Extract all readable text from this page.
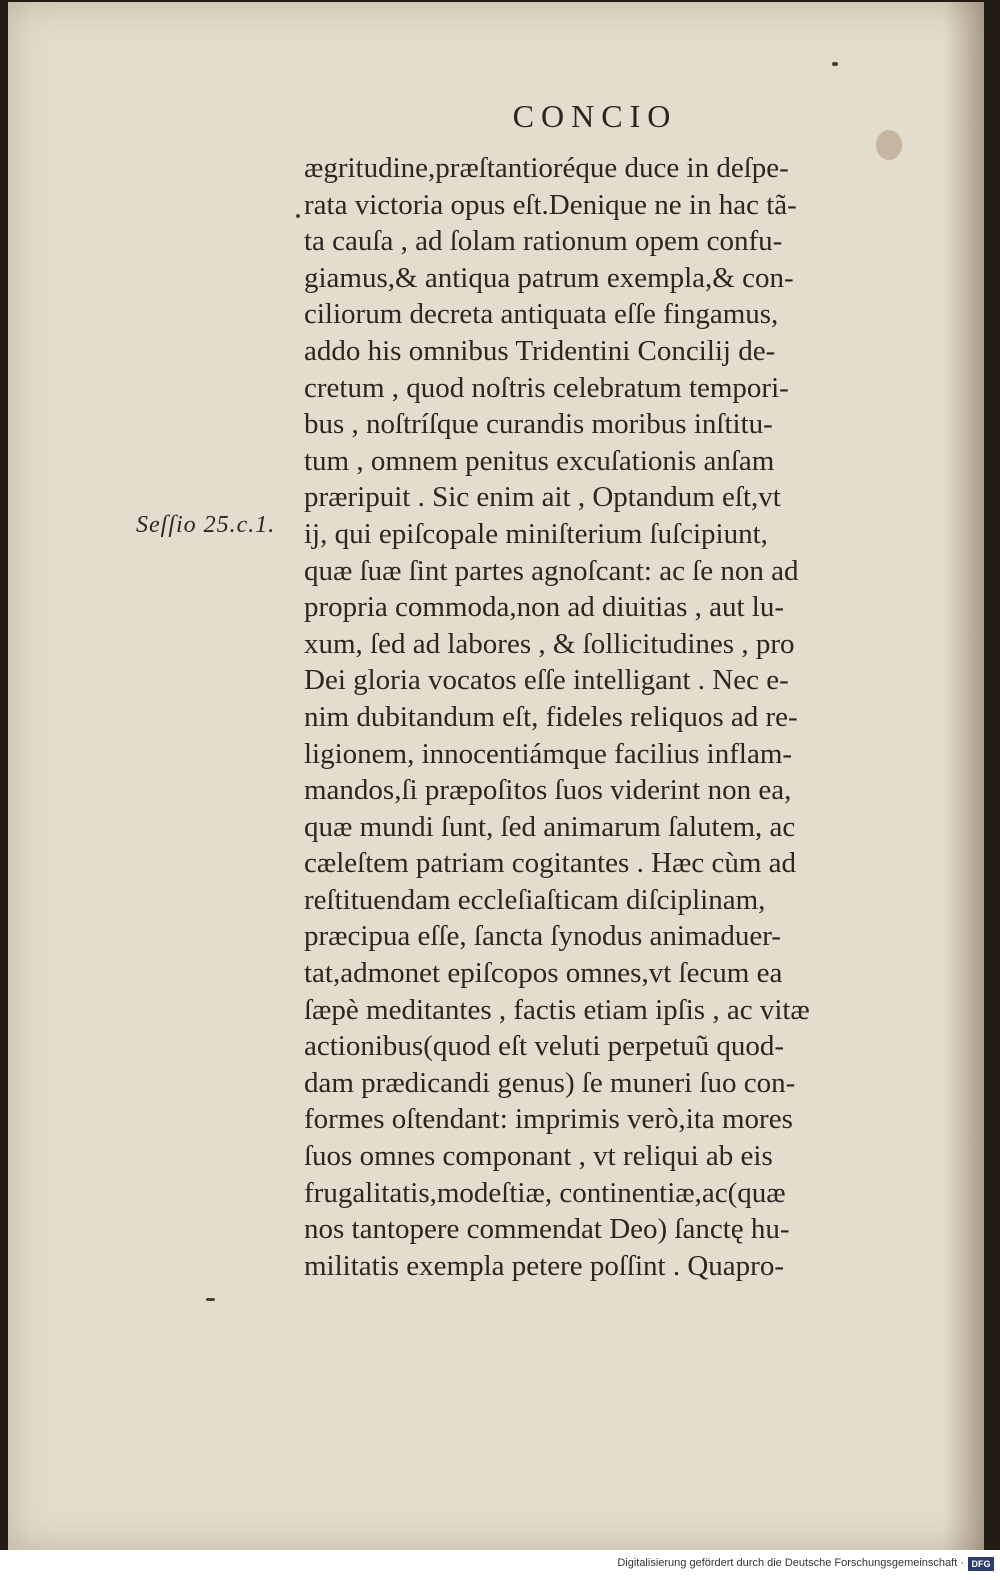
CONCIO
Seſſio 25.c.1.
ægritudine,præſtantioréque duce in deſpe-
rata victoria opus eſt.Denique ne in hac tã-
ta cauſa , ad ſolam rationum opem confu-
giamus,& antiqua patrum exempla,& con-
ciliorum decreta antiquata eſſe fingamus,
addo his omnibus Tridentini Concilij de-
cretum , quod noſtris celebratum tempori-
bus , noſtríſque curandis moribus inſtitu-
tum , omnem penitus excuſationis anſam
præripuit . Sic enim ait , Optandum eſt,vt
ij, qui epiſcopale miniſterium ſuſcipiunt,
quæ ſuæ ſint partes agnoſcant: ac ſe non ad
propria commoda,non ad diuitias , aut lu-
xum, ſed ad labores , & ſollicitudines , pro
Dei gloria vocatos eſſe intelligant . Nec e-
nim dubitandum eſt, fideles reliquos ad re-
ligionem, innocentiámque facilius inflam-
mandos,ſi præpoſitos ſuos viderint non ea,
quæ mundi ſunt, ſed animarum ſalutem, ac
cæleſtem patriam cogitantes . Hæc cùm ad
reſtituendam eccleſiaſticam diſciplinam,
præcipua eſſe, ſancta ſynodus animaduer-
tat,admonet epiſcopos omnes,vt ſecum ea
ſæpè meditantes , factis etiam ipſis , ac vitæ
actionibus(quod eſt veluti perpetuũ quod-
dam prædicandi genus) ſe muneri ſuo con-
formes oſtendant: imprimis verò,ita mores
ſuos omnes componant , vt reliqui ab eis
frugalitatis,modeſtiæ, continentiæ,ac(quæ
nos tantopere commendat Deo) ſanctę hu-
militatis exempla petere poſſint . Quapro-
Digitalisierung gefördert durch die Deutsche Forschungsgemeinschaft · DFG
